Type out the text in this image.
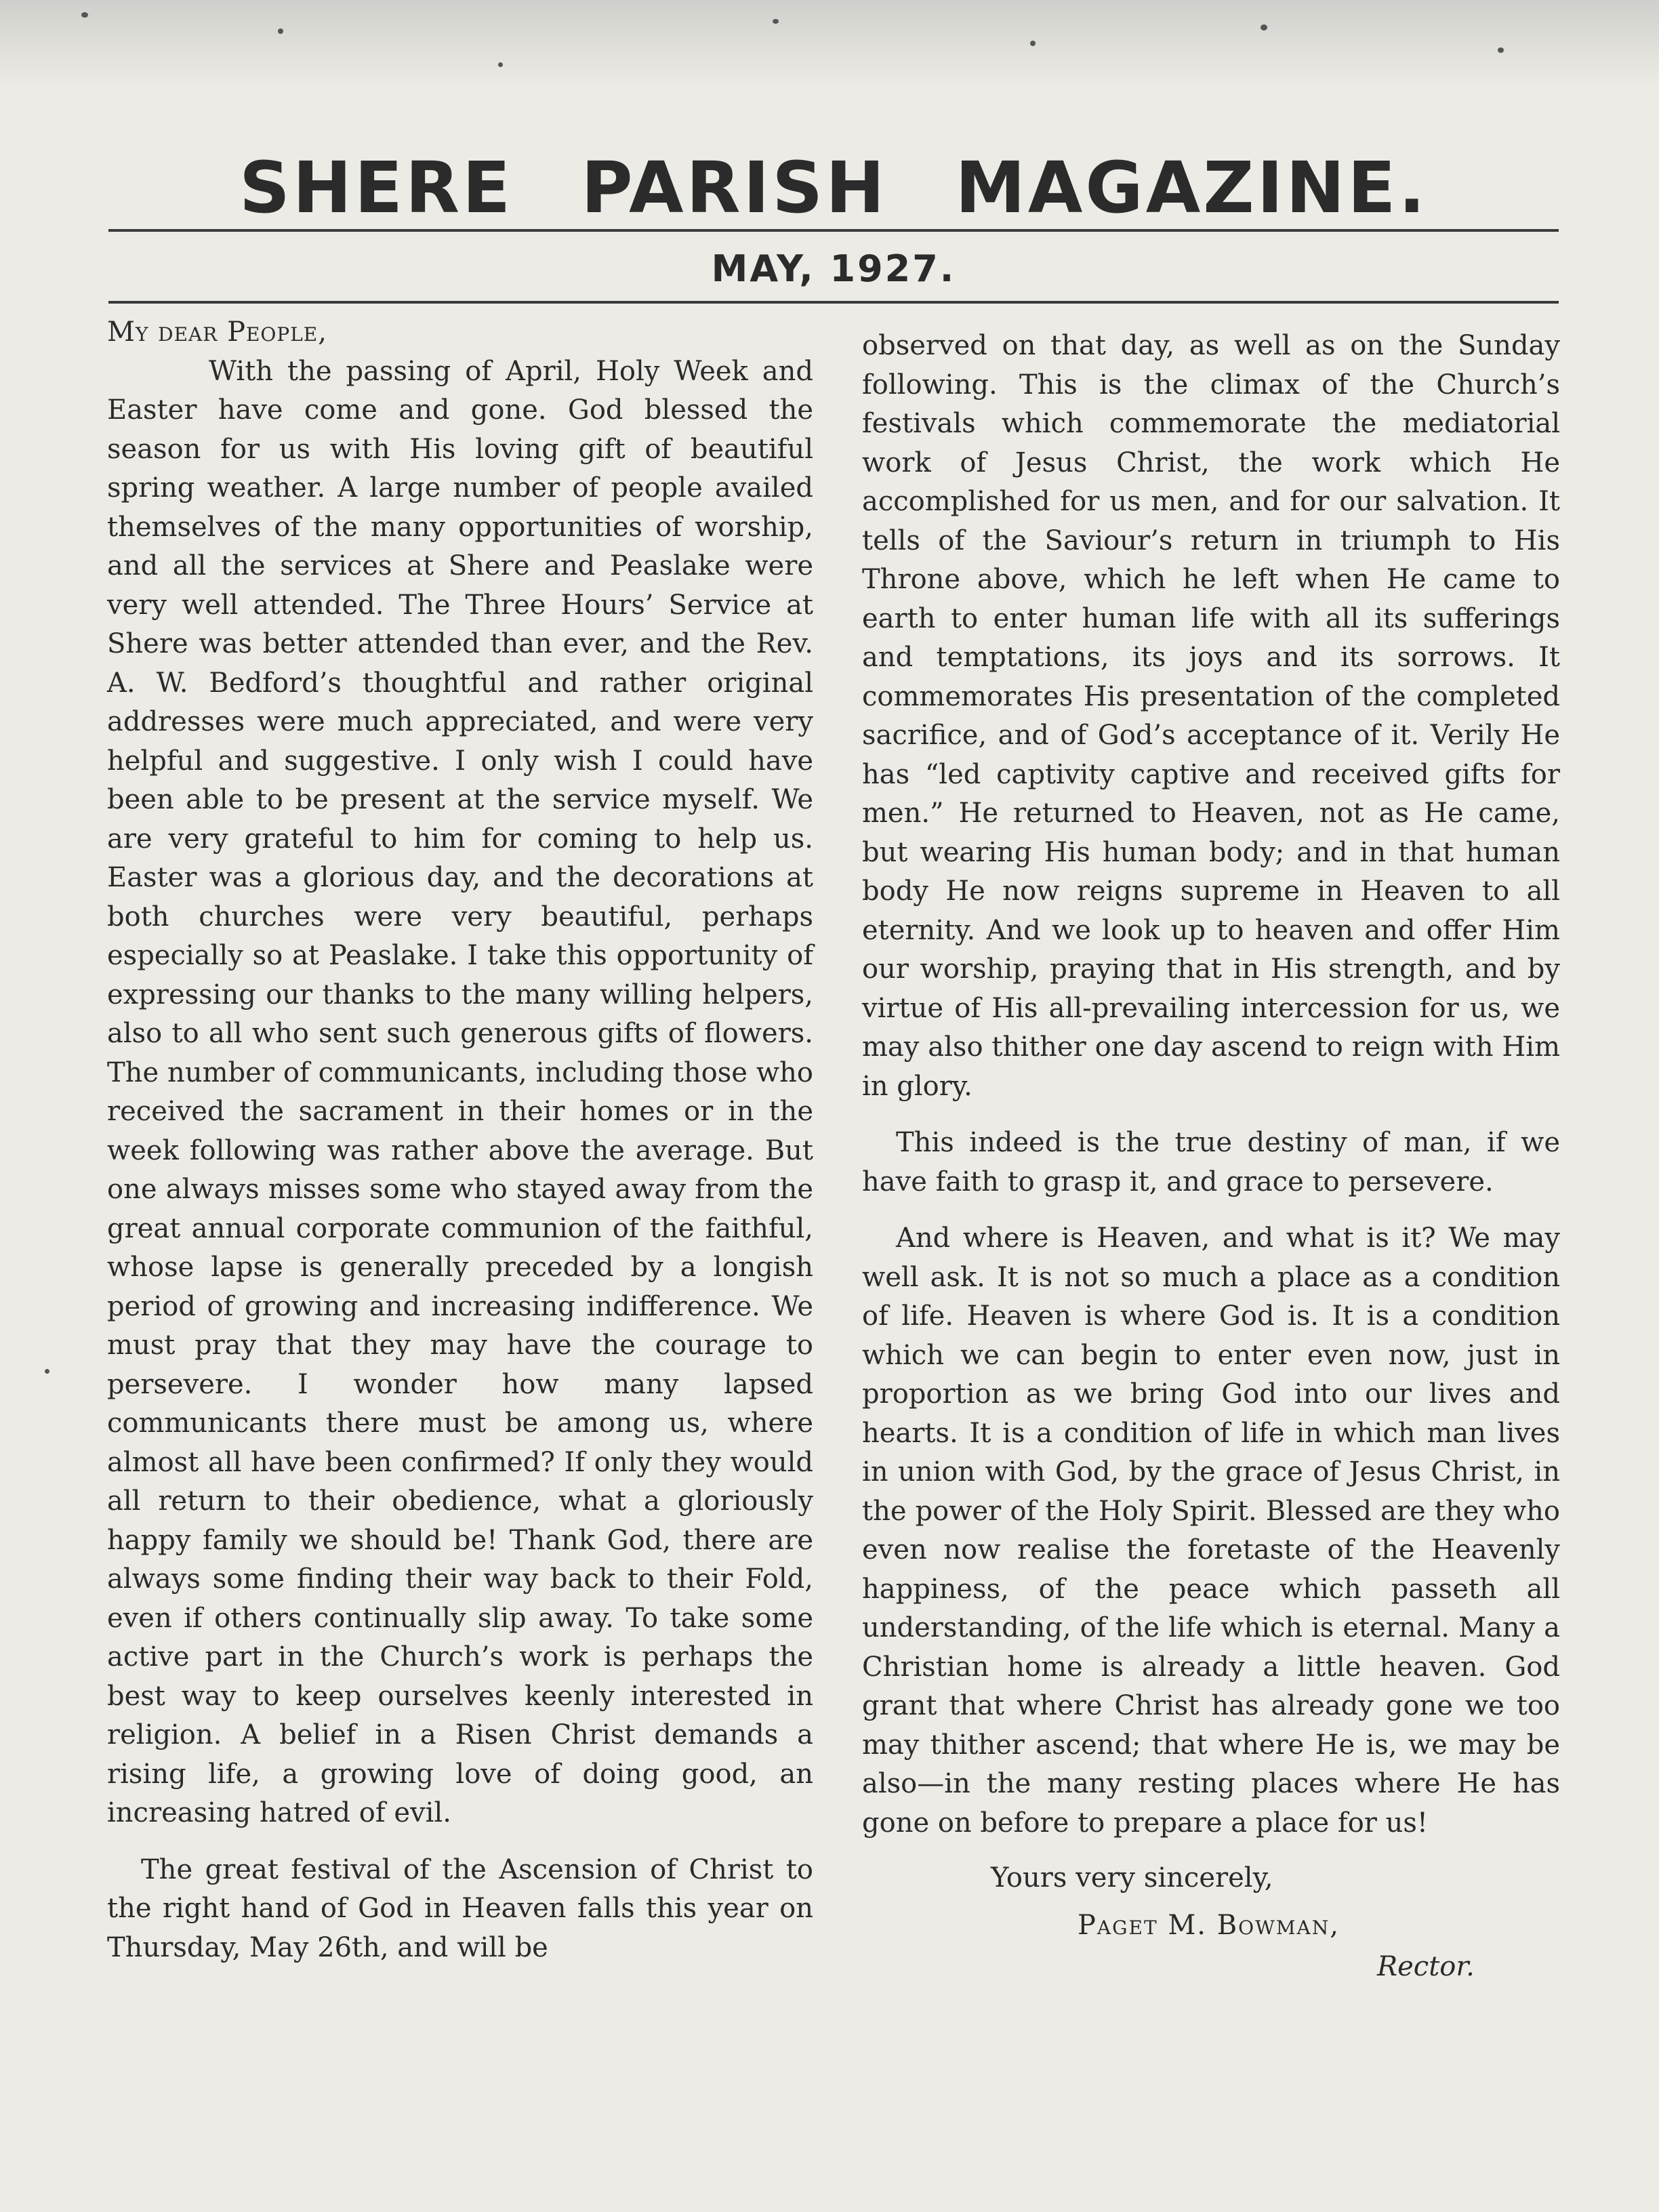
SHERE PARISH MAGAZINE.
MAY, 1927.

My dear People,

With the passing of April, Holy Week and Easter have come and gone. God blessed the season for us with His loving gift of beautiful spring weather. A large number of people availed themselves of the many opportunities of worship, and all the services at Shere and Peaslake were very well attended. The Three Hours’ Service at Shere was better attended than ever, and the Rev. A. W. Bedford’s thoughtful and rather original addresses were much appreciated, and were very helpful and suggestive. I only wish I could have been able to be present at the service myself. We are very grateful to him for coming to help us. Easter was a glorious day, and the decorations at both churches were very beautiful, perhaps especially so at Peaslake. I take this opportunity of expressing our thanks to the many willing helpers, also to all who sent such generous gifts of flowers. The number of communicants, including those who received the sacrament in their homes or in the week following was rather above the average. But one always misses some who stayed away from the great annual corporate communion of the faithful, whose lapse is generally preceded by a longish period of growing and increasing indifference. We must pray that they may have the courage to persevere. I wonder how many lapsed communicants there must be among us, where almost all have been confirmed? If only they would all return to their obedience, what a gloriously happy family we should be! Thank God, there are always some finding their way back to their Fold, even if others continually slip away. To take some active part in the Church’s work is perhaps the best way to keep ourselves keenly interested in religion. A belief in a Risen Christ demands a rising life, a growing love of doing good, an increasing hatred of evil.

The great festival of the Ascension of Christ to the right hand of God in Heaven falls this year on Thursday, May 26th, and will be

observed on that day, as well as on the Sunday following. This is the climax of the Church’s festivals which commemorate the mediatorial work of Jesus Christ, the work which He accomplished for us men, and for our salvation. It tells of the Saviour’s return in triumph to His Throne above, which he left when He came to earth to enter human life with all its sufferings and temptations, its joys and its sorrows. It commemorates His presentation of the completed sacrifice, and of God’s acceptance of it. Verily He has “led captivity captive and received gifts for men.” He returned to Heaven, not as He came, but wearing His human body; and in that human body He now reigns supreme in Heaven to all eternity. And we look up to heaven and offer Him our worship, praying that in His strength, and by virtue of His all-prevailing intercession for us, we may also thither one day ascend to reign with Him in glory.

This indeed is the true destiny of man, if we have faith to grasp it, and grace to persevere.

And where is Heaven, and what is it? We may well ask. It is not so much a place as a condition of life. Heaven is where God is. It is a condition which we can begin to enter even now, just in proportion as we bring God into our lives and hearts. It is a condition of life in which man lives in union with God, by the grace of Jesus Christ, in the power of the Holy Spirit. Blessed are they who even now realise the foretaste of the Heavenly happiness, of the peace which passeth all understanding, of the life which is eternal. Many a Christian home is already a little heaven. God grant that where Christ has already gone we too may thither ascend; that where He is, we may be also—in the many resting places where He has gone on before to prepare a place for us!

Yours very sincerely,

Paget M. Bowman,

Rector.
